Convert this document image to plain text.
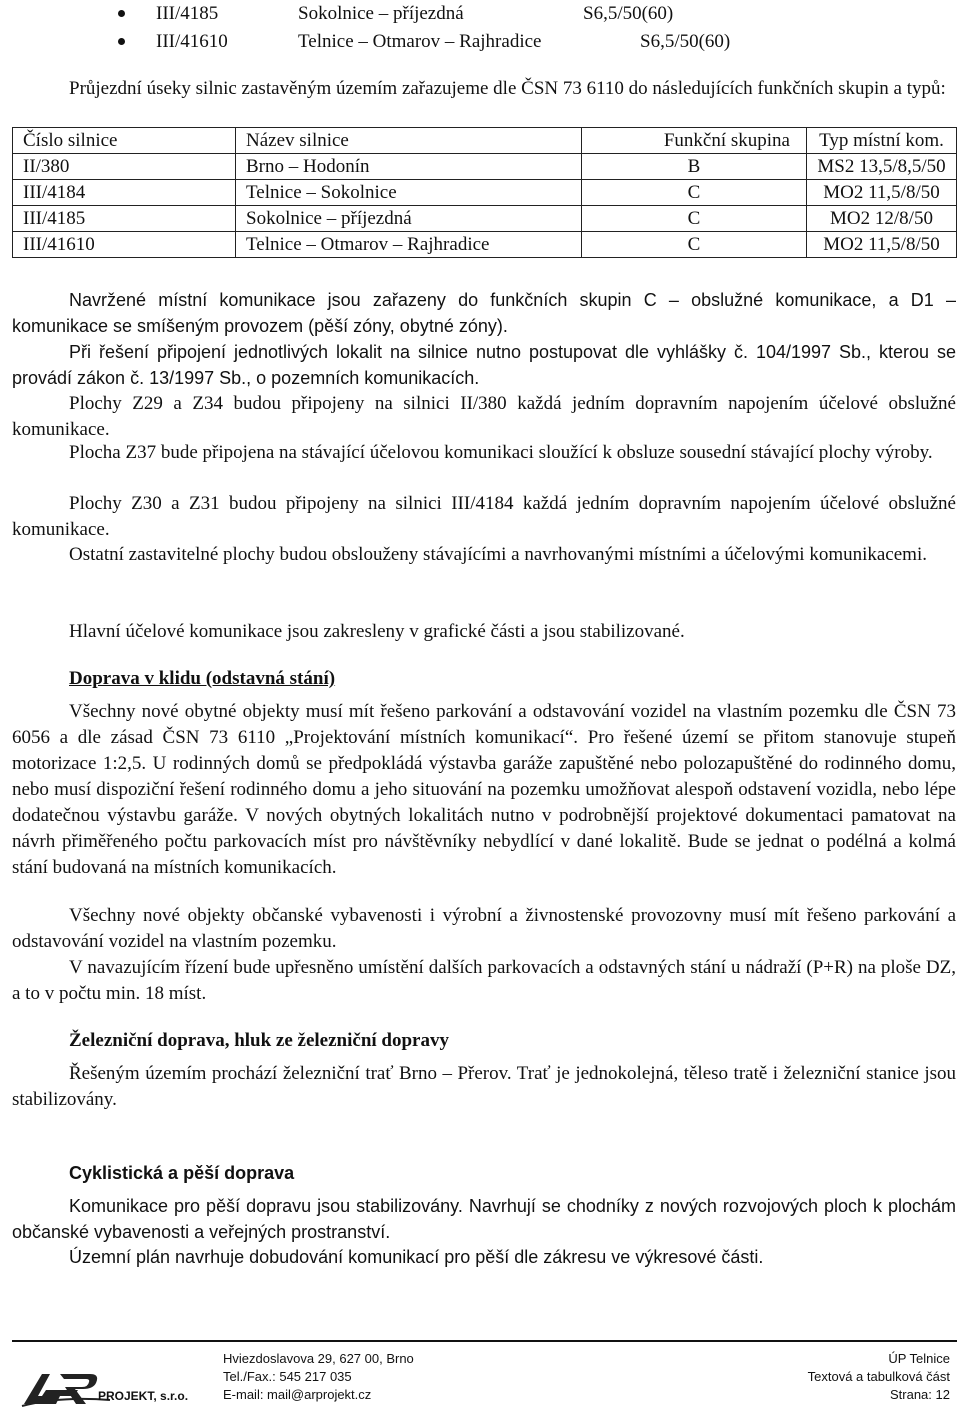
III/4185	Sokolnice – příjezdná	S6,5/50(60)
III/41610	Telnice – Otmarov – Rajhradice	S6,5/50(60)

Průjezdní úseky silnic zastavěným územím zařazujeme dle ČSN 73 6110 do následujících funkčních skupin a typů:

Číslo silnice	Název silnice	Funkční skupina	Typ místní kom.
II/380	Brno – Hodonín	B	MS2 13,5/8,5/50
III/4184	Telnice – Sokolnice	C	MO2 11,5/8/50
III/4185	Sokolnice – příjezdná	C	MO2 12/8/50
III/41610	Telnice – Otmarov – Rajhradice	C	MO2 11,5/8/50

Navržené místní komunikace jsou zařazeny do funkčních skupin C – obslužné komunikace, a D1 – komunikace se smíšeným provozem (pěší zóny, obytné zóny).

Při řešení připojení jednotlivých lokalit na silnice nutno postupovat dle vyhlášky č. 104/1997 Sb., kterou se provádí zákon č. 13/1997 Sb., o pozemních komunikacích.

Plochy Z29 a Z34 budou připojeny na silnici II/380 každá jedním dopravním napojením účelové obslužné komunikace.

Plocha Z37 bude připojena na stávající účelovou komunikaci sloužící k obsluze sousední stávající plochy výroby.

Plochy Z30 a Z31 budou připojeny na silnici III/4184 každá jedním dopravním napojením účelové obslužné komunikace.

Ostatní zastavitelné plochy budou obslouženy stávajícími a navrhovanými místními a účelovými komunikacemi.

Hlavní účelové komunikace jsou zakresleny v grafické části a jsou stabilizované.

Doprava v klidu (odstavná stání)

Všechny nové obytné objekty musí mít řešeno parkování a odstavování vozidel na vlastním pozemku dle ČSN 73 6056 a dle zásad ČSN 73 6110 „Projektování místních komunikací“. Pro řešené území se přitom stanovuje stupeň motorizace 1:2,5. U rodinných domů se předpokládá výstavba garáže zapuštěné nebo polozapuštěné do rodinného domu, nebo musí dispoziční řešení rodinného domu a jeho situování na pozemku umožňovat alespoň odstavení vozidla, nebo lépe dodatečnou výstavbu garáže. V nových obytných lokalitách nutno v podrobnější projektové dokumentaci pamatovat na návrh přiměřeného počtu parkovacích míst pro návštěvníky nebydlící v dané lokalitě. Bude se jednat o podélná a kolmá stání budovaná na místních komunikacích.

Všechny nové objekty občanské vybavenosti i výrobní a živnostenské provozovny musí mít řešeno parkování a odstavování vozidel na vlastním pozemku.

V navazujícím řízení bude upřesněno umístění dalších parkovacích a odstavných stání u nádraží (P+R) na ploše DZ, a to v počtu min. 18 míst.

Železniční doprava, hluk ze železniční dopravy

Řešeným územím prochází železniční trať Brno – Přerov. Trať je jednokolejná, těleso tratě i železniční stanice jsou stabilizovány.

Cyklistická a pěší doprava

Komunikace pro pěší dopravu jsou stabilizovány. Navrhují se chodníky z nových rozvojových ploch k plochám občanské vybavenosti a veřejných prostranství.

Územní plán navrhuje dobudování komunikací pro pěší dle zákresu ve výkresové části.

PROJEKT, s.r.o.
Hviezdoslavova 29, 627 00, Brno
Tel./Fax.: 545 217 035
E-mail: mail@arprojekt.cz
ÚP Telnice
Textová a tabulková část
Strana: 12
